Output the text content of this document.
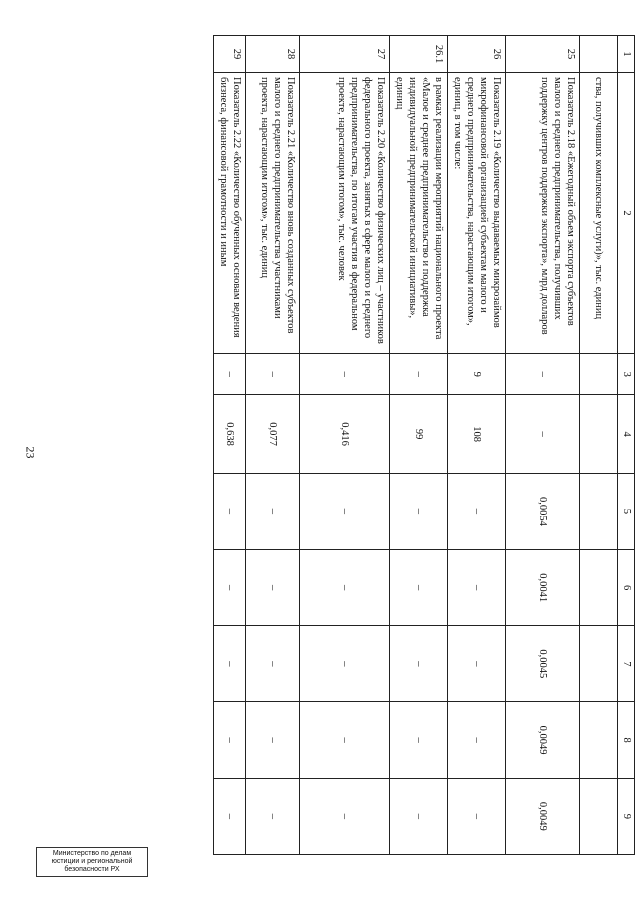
23
1	2	3	4	5	6	7	8	9
	ства, получивших комплексные услуги)», тыс. единиц							
25	Показатель 2.18 «Ежегодный объем экспорта субъектов малого и среднего предпринимательства, получивших поддержку центров поддержки экспорта», млрд долларов	–	–	0,0054	0,0041	0,0045	0,0049	0,0049
26	Показатель 2.19 «Количество выдаваемых микрозаймов микрофинансовой организацией субъектам малого и среднего предпринимательства, нарастающим итогом», единиц, в том числе:	9	108	–	–	–	–	–
26.1	в рамках реализации мероприятий национального проекта «Малое и среднее предпринимательство и поддержка индивидуальной предпринимательской инициативы», единиц	–	99	–	–	–	–	–
27	Показатель 2.20 «Количество физических лиц – участников федерального проекта, занятых в сфере малого и среднего предпринимательства, по итогам участия в федеральном проекте, нарастающим итогом», тыс. человек	–	0,416	–	–	–	–	–
28	Показатель 2.21 «Количество вновь созданных субъектов малого и среднего предпринимательства участниками проекта, нарастающим итогом», тыс. единиц	–	0,077	–	–	–	–	–
29	Показатель 2.22 «Количество обученных основам ведения бизнеса, финансовой грамотности и иным	–	0,638	–	–	–	–	–
Министерство по делам юстиции и региональной безопасности РХ
